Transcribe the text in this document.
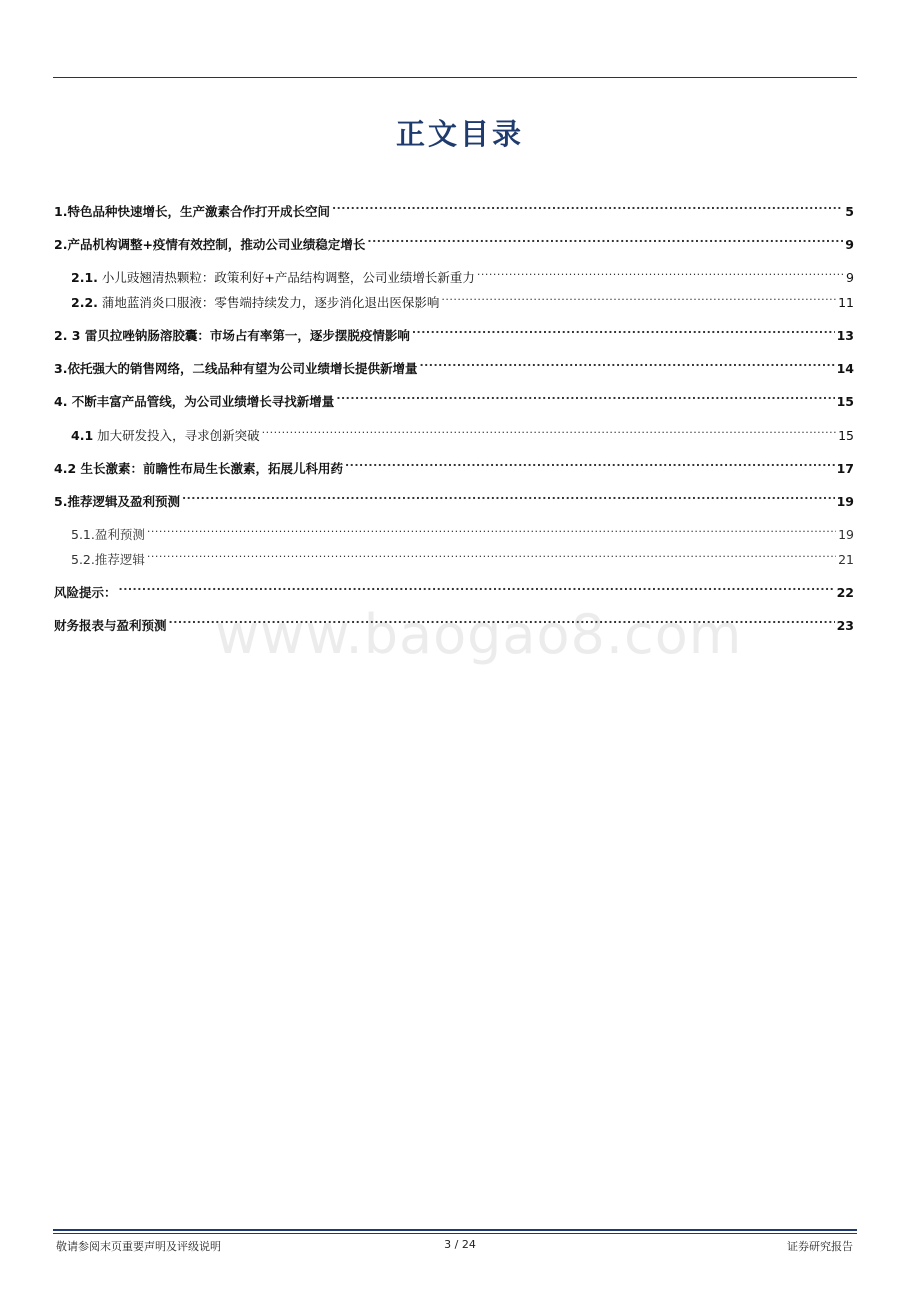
正文目录
1.特色品种快速增长，生产激素合作打开成长空间 .....	5
2.产品机构调整+疫情有效控制，推动公司业绩稳定增长 .....	9
2.1. 小儿豉翘清热颗粒：政策利好+产品结构调整，公司业绩增长新重力 .....	9
2.2. 蒲地蓝消炎口服液：零售端持续发力，逐步消化退出医保影响 .....	11
2. 3 雷贝拉唑钠肠溶胶囊：市场占有率第一，逐步摆脱疫情影响 .....	13
3.依托强大的销售网络，二线品种有望为公司业绩增长提供新增量 .....	14
4. 不断丰富产品管线，为公司业绩增长寻找新增量 .....	15
4.1 加大研发投入，寻求创新突破 .....	15
4.2 生长激素：前瞻性布局生长激素，拓展儿科用药 .....	17
5.推荐逻辑及盈利预测 .....	19
5.1.盈利预测 .....	19
5.2.推荐逻辑 .....	21
风险提示： .....	22
财务报表与盈利预测 .....	23
www.baogao8.com
敬请参阅末页重要声明及评级说明	3 / 24	证券研究报告
